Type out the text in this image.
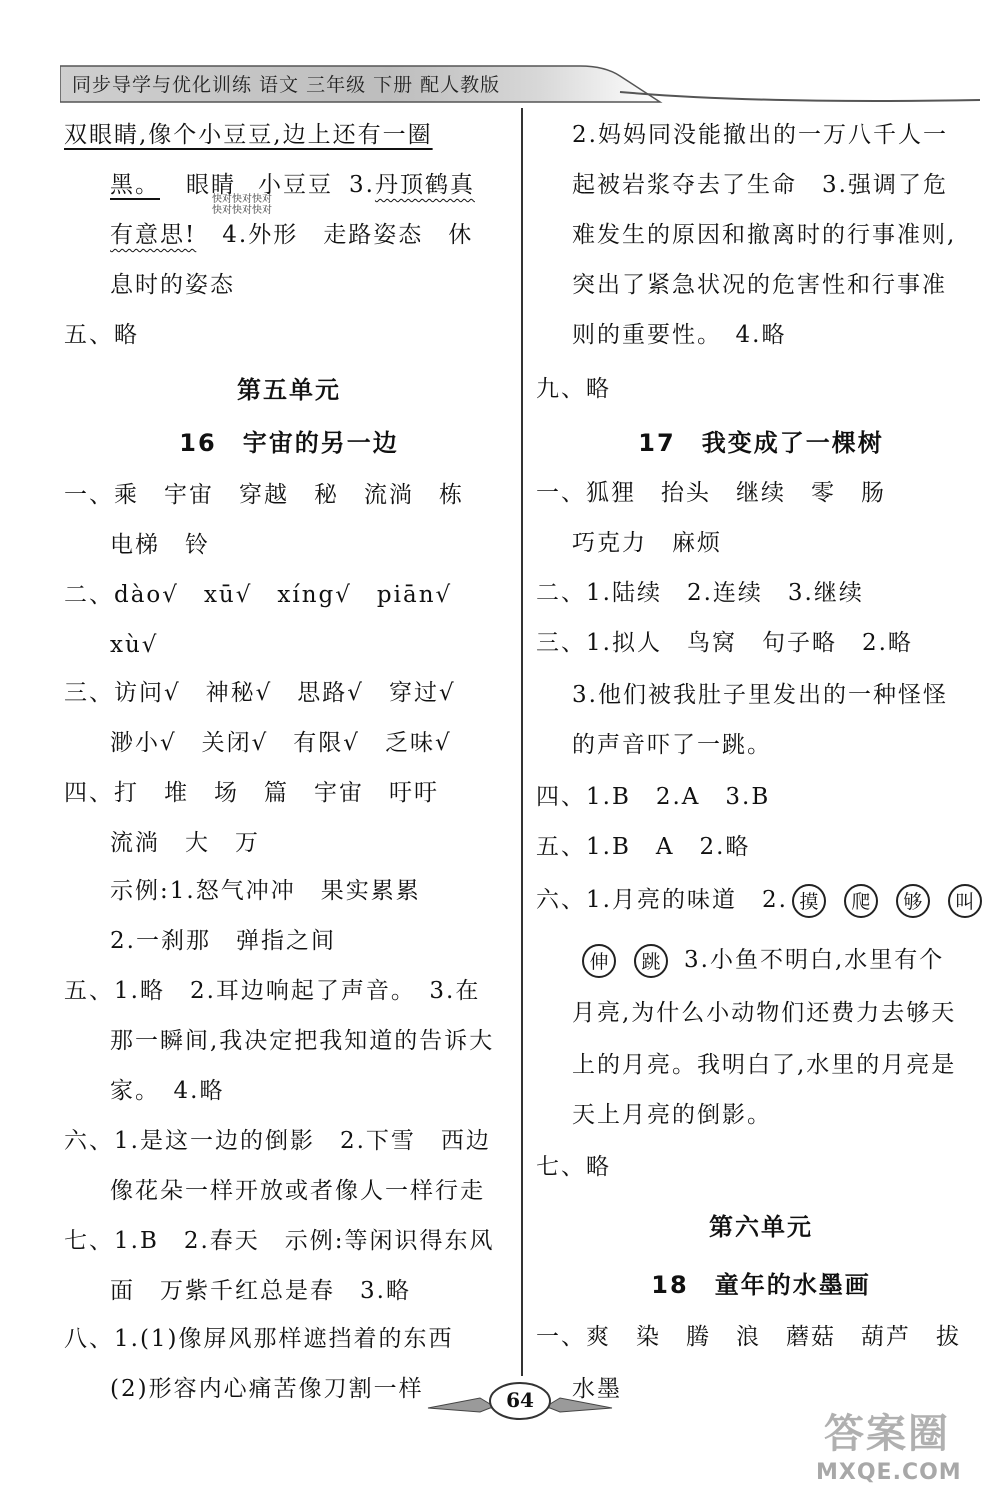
同步导学与优化训练 语文 三年级 下册 配人教版
双眼睛,像个小豆豆,边上还有一圈
黑。 眼睛 小豆豆 3.丹顶鹤真
快对快对快对
快对快对快对
有意思! 4.外形　走路姿态　休
息时的姿态
五、略
第五单元
16　宇宙的另一边
一、乘　宇宙　穿越　秘　流淌　栋
电梯　铃
二、dào√　xū√　xíng√　piān√
xù√
三、访问√　神秘√　思路√　穿过√
渺小√　关闭√　有限√　乏味√
四、打　堆　场　篇　宇宙　吁吁
流淌　大　万
示例:1.怒气冲冲　果实累累
2.一刹那　弹指之间
五、1.略　2.耳边响起了声音。　3.在
那一瞬间,我决定把我知道的告诉大
家。　4.略
六、1.是这一边的倒影　2.下雪　西边
像花朵一样开放或者像人一样行走
七、1.B　2.春天　示例:等闲识得东风
面　万紫千红总是春　3.略
八、1.(1)像屏风那样遮挡着的东西
(2)形容内心痛苦像刀割一样
2.妈妈同没能撤出的一万八千人一
起被岩浆夺去了生命　3.强调了危
难发生的原因和撤离时的行事准则,
突出了紧急状况的危害性和行事准
则的重要性。　4.略
九、略
17　我变成了一棵树
一、狐狸　抬头　继续　零　肠
巧克力　麻烦
二、1.陆续　2.连续　3.继续
三、1.拟人　鸟窝　句子略　2.略
3.他们被我肚子里发出的一种怪怪
的声音吓了一跳。
四、1.B　2.A　3.B
五、1.B　A　2.略
六、1.月亮的味道　2. 摸 爬 够 叫
伸 跳 3.小鱼不明白,水里有个
月亮,为什么小动物们还费力去够天
上的月亮。我明白了,水里的月亮是
天上月亮的倒影。
七、略
第六单元
18　童年的水墨画
一、爽　染　腾　浪　蘑菇　葫芦　拔
水墨
64
答案圈
MXQE.COM
